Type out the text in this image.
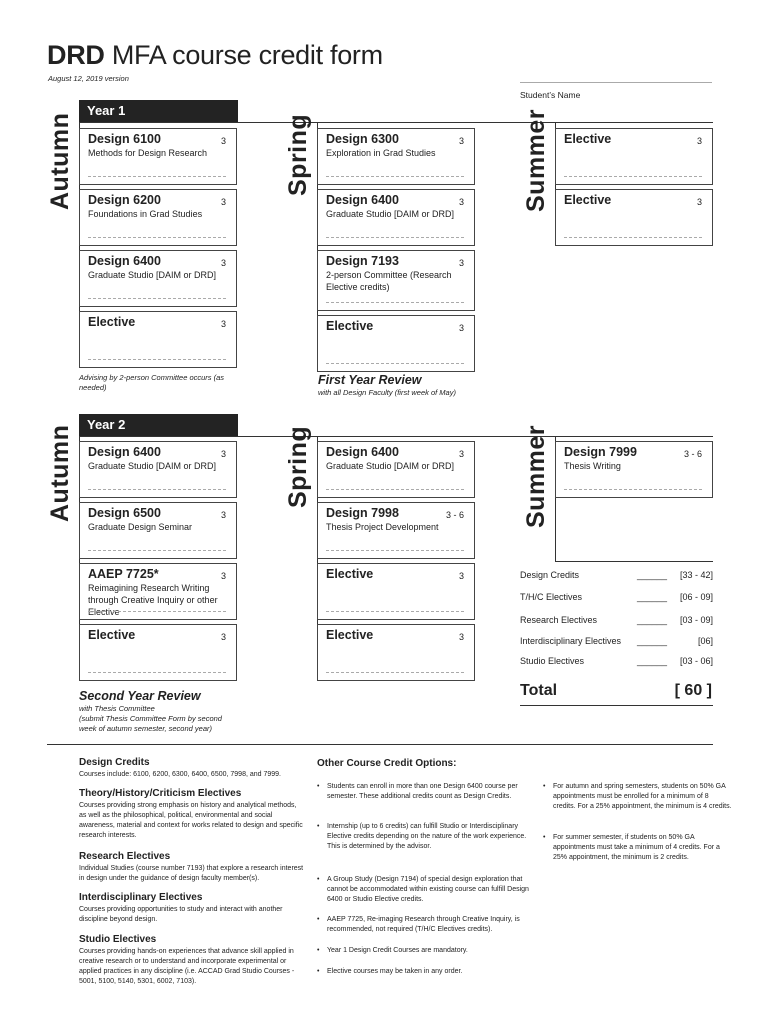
DRD MFA course credit form
August 12, 2019 version
Student’s Name
Year 1
Autumn	Spring	Summer
Design 6100	3
Methods for Design Research
Design 6200	3
Foundations in Grad Studies
Design 6400	3
Graduate Studio [DAIM or DRD]
Elective	3
Design 6300	3
Exploration in Grad Studies
Design 6400	3
Graduate Studio [DAIM or DRD]
Design 7193	3
2-person Committee (Research Elective credits)
Elective	3
Elective	3
Elective	3
Advising by 2-person Committee occurs (as needed)
First Year Review
with all Design Faculty (first week of May)
Year 2
Autumn	Spring	Summer
Design 6400	3
Graduate Studio [DAIM or DRD]
Design 6500	3
Graduate Design Seminar
AAEP 7725*	3
Reimagining Research Writing through Creative Inquiry or other Elective
Elective	3
Design 6400	3
Graduate Studio [DAIM or DRD]
Design 7998	3 - 6
Thesis Project Development
Elective	3
Elective	3
Design 7999	3 - 6
Thesis Writing
Design Credits	______	[33 - 42]
T/H/C Electives	______	[06 - 09]
Research Electives	______	[03 - 09]
Interdisciplinary Electives ______	[06]
Studio Electives	______	[03 - 06]
Total	[ 60 ]
Second Year Review
with Thesis Committee
(submit Thesis Committee Form by second week of autumn semester, second year)
Design Credits
Courses include: 6100, 6200, 6300, 6400, 6500, 7998, and 7999.
Theory/History/Criticism Electives
Courses providing strong emphasis on history and analytical methods, as well as the philosophical, political, environmental and social awareness, material and context for works related to design and specific research interests.
Research Electives
Individual Studies (course number 7193) that explore a research interest in design under the guidance of design faculty member(s).
Interdisciplinary Electives
Courses providing opportunities to study and interact with another discipline beyond design.
Studio Electives
Courses providing hands-on experiences that advance skill applied in creative research or to understand and incorporate experimental or applied practices in any discipline (i.e. ACCAD Grad Studio Courses - 5001, 5100, 5140, 5301, 6002, 7103).
Other Course Credit Options:
• Students can enroll in more than one Design 6400 course per semester. These additional credits count as Design Credits.
• Internship (up to 6 credits) can fulfill Studio or Interdisciplinary Elective credits depending on the nature of the work experience. This is determined by the advisor.
• A Group Study (Design 7194) of special design exploration that cannot be accommodated within existing course can fulfill Design 6400 or Studio Elective credits.
• AAEP 7725, Re-imaging Research through Creative Inquiry, is recommended, not required (T/H/C Electives credits).
• Year 1 Design Credit Courses are mandatory.
• Elective courses may be taken in any order.
• For autumn and spring semesters, students on 50% GA appointments must be enrolled for a minimum of 8 credits. For a 25% appointment, the minimum is 4 credits.
• For summer semester, if students on 50% GA appointments must take a minimum of 4 credits. For a 25% appointment, the minimum is 2 credits.
